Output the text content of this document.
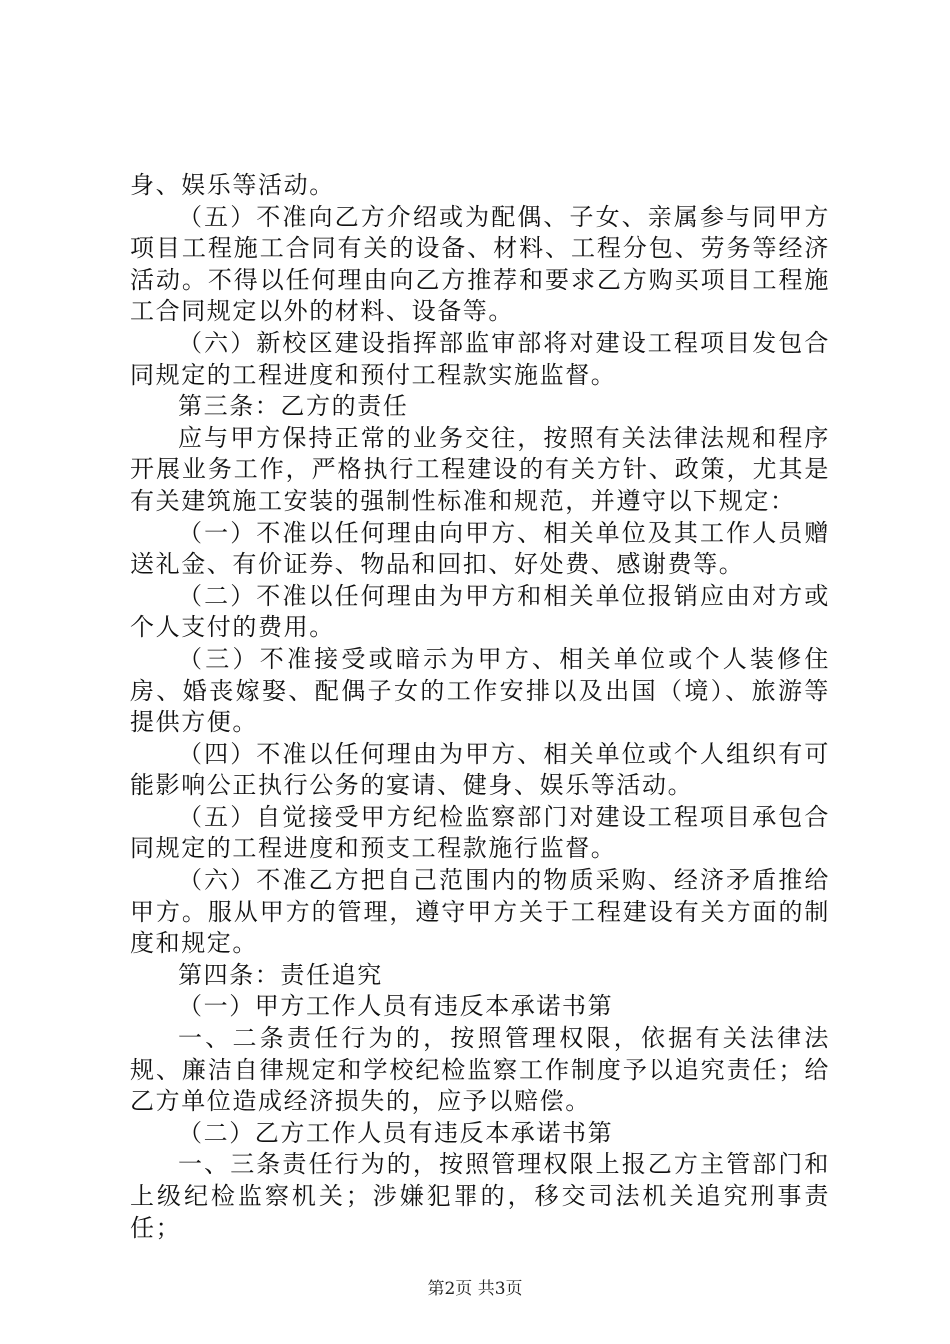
身、娱乐等活动。

（五）不准向乙方介绍或为配偶、子女、亲属参与同甲方项目工程施工合同有关的设备、材料、工程分包、劳务等经济活动。不得以任何理由向乙方推荐和要求乙方购买项目工程施工合同规定以外的材料、设备等。

（六）新校区建设指挥部监审部将对建设工程项目发包合同规定的工程进度和预付工程款实施监督。

第三条：乙方的责任

应与甲方保持正常的业务交往，按照有关法律法规和程序开展业务工作，严格执行工程建设的有关方针、政策，尤其是有关建筑施工安装的强制性标准和规范，并遵守以下规定：

（一）不准以任何理由向甲方、相关单位及其工作人员赠送礼金、有价证券、物品和回扣、好处费、感谢费等。

（二）不准以任何理由为甲方和相关单位报销应由对方或个人支付的费用。

（三）不准接受或暗示为甲方、相关单位或个人装修住房、婚丧嫁娶、配偶子女的工作安排以及出国（境）、旅游等提供方便。

（四）不准以任何理由为甲方、相关单位或个人组织有可能影响公正执行公务的宴请、健身、娱乐等活动。

（五）自觉接受甲方纪检监察部门对建设工程项目承包合同规定的工程进度和预支工程款施行监督。

（六）不准乙方把自己范围内的物质采购、经济矛盾推给甲方。服从甲方的管理，遵守甲方关于工程建设有关方面的制度和规定。

第四条：责任追究

（一）甲方工作人员有违反本承诺书第

一、二条责任行为的，按照管理权限，依据有关法律法规、廉洁自律规定和学校纪检监察工作制度予以追究责任；给乙方单位造成经济损失的，应予以赔偿。

（二）乙方工作人员有违反本承诺书第

一、三条责任行为的，按照管理权限上报乙方主管部门和上级纪检监察机关；涉嫌犯罪的，移交司法机关追究刑事责任；

第2页 共3页
